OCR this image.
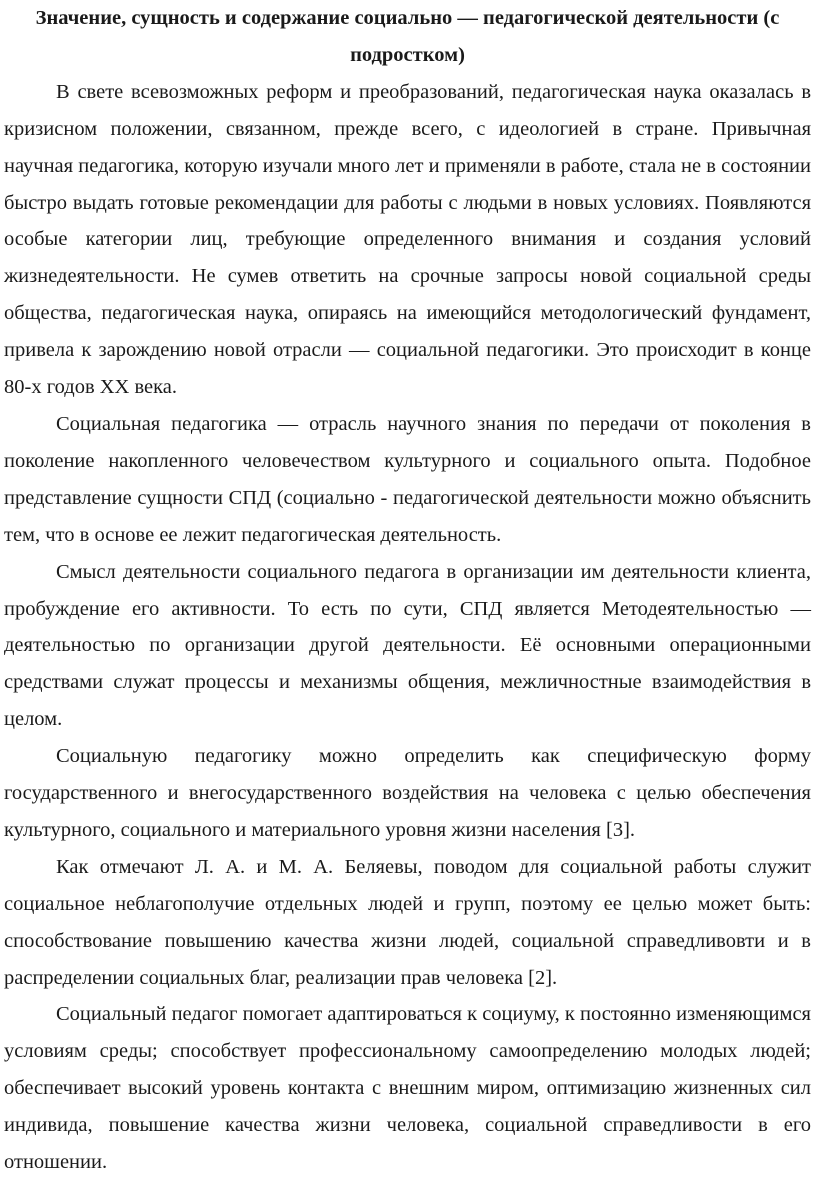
Значение, сущность и содержание социально — педагогической деятельности (с подростком)

В свете всевозможных реформ и преобразований, педагогическая наука оказалась в кризисном положении, связанном, прежде всего, с идеологией в стране. Привычная научная педагогика, которую изучали много лет и применяли в работе, стала не в состоянии быстро выдать готовые рекомендации для работы с людьми в новых условиях. Появляются особые категории лиц, требующие определенного внимания и создания условий жизнедеятельности. Не сумев ответить на срочные запросы новой социальной среды общества, педагогическая наука, опираясь на имеющийся методологический фундамент, привела к зарождению новой отрасли — социальной педагогики. Это происходит в конце 80-х годов XX века.

Социальная педагогика — отрасль научного знания по передачи от поколения в поколение накопленного человечеством культурного и социального опыта. Подобное представление сущности СПД (социально - педагогической деятельности можно объяснить тем, что в основе ее лежит педагогическая деятельность.

Смысл деятельности социального педагога в организации им деятельности клиента, пробуждение его активности. То есть по сути, СПД является Методеятельностью — деятельностью по организации другой деятельности. Её основными операционными средствами служат процессы и механизмы общения, межличностные взаимодействия в целом.

Социальную педагогику можно определить как специфическую форму государственного и внегосударственного воздействия на человека с целью обеспечения культурного, социального и материального уровня жизни населения [3].

Как отмечают Л. А. и М. А. Беляевы, поводом для социальной работы служит социальное неблагополучие отдельных людей и групп, поэтому ее целью может быть: способствование повышению качества жизни людей, социальной справедливовти и в распределении социальных благ, реализации прав человека [2].

Социальный педагог помогает адаптироваться к социуму, к постоянно изменяющимся условиям среды; способствует профессиональному самоопределению молодых людей; обеспечивает высокий уровень контакта с внешним миром, оптимизацию жизненных сил индивида, повышение качества жизни человека, социальной справедливости в его отношении.
